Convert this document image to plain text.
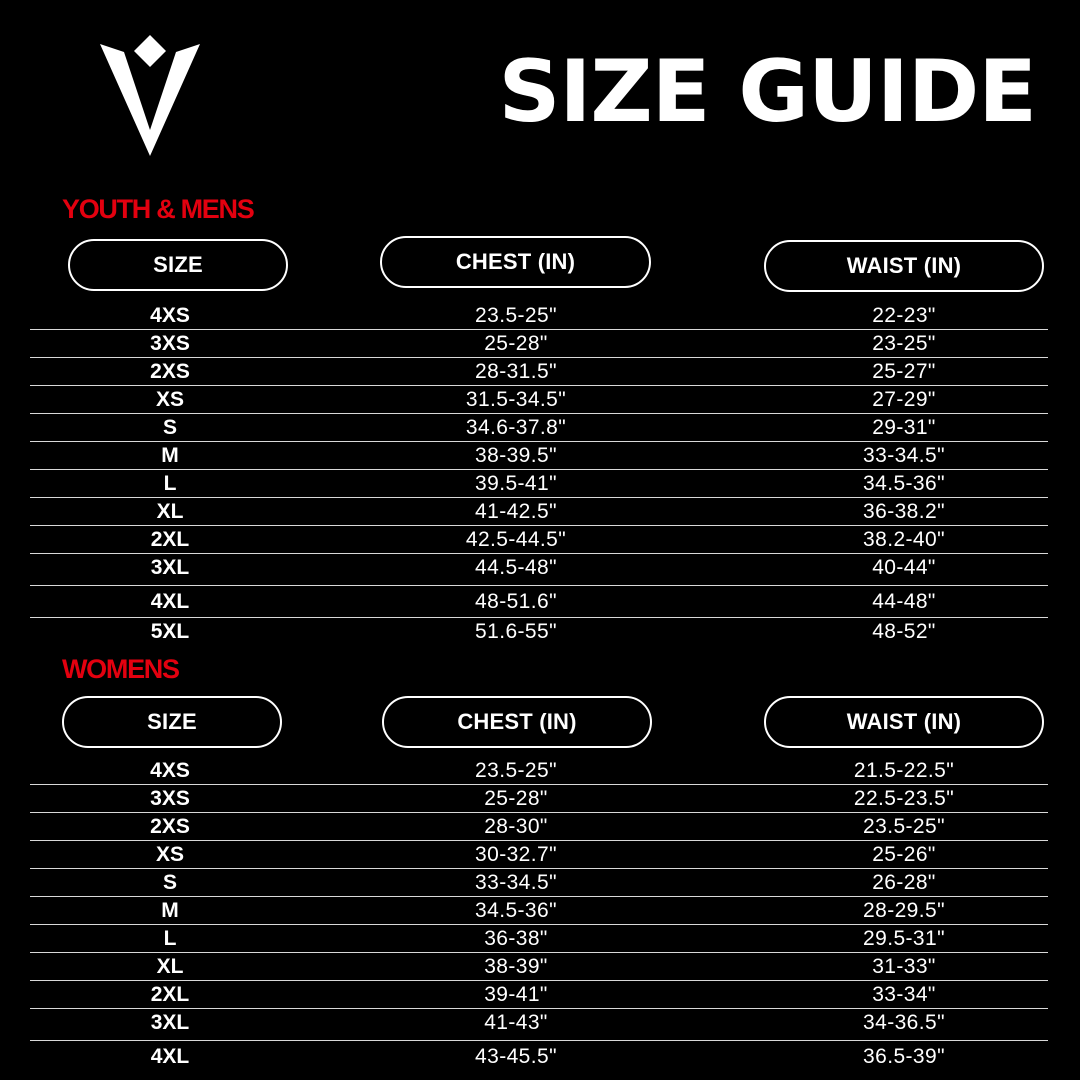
SIZE GUIDE
YOUTH & MENS
SIZE	CHEST (IN)	WAIST (IN)
4XS	23.5-25"	22-23"
3XS	25-28"	23-25"
2XS	28-31.5"	25-27"
XS	31.5-34.5"	27-29"
S	34.6-37.8"	29-31"
M	38-39.5"	33-34.5"
L	39.5-41"	34.5-36"
XL	41-42.5"	36-38.2"
2XL	42.5-44.5"	38.2-40"
3XL	44.5-48"	40-44"
4XL	48-51.6"	44-48"
5XL	51.6-55"	48-52"
WOMENS
SIZE	CHEST (IN)	WAIST (IN)
4XS	23.5-25"	21.5-22.5"
3XS	25-28"	22.5-23.5"
2XS	28-30"	23.5-25"
XS	30-32.7"	25-26"
S	33-34.5"	26-28"
M	34.5-36"	28-29.5"
L	36-38"	29.5-31"
XL	38-39"	31-33"
2XL	39-41"	33-34"
3XL	41-43"	34-36.5"
4XL	43-45.5"	36.5-39"
